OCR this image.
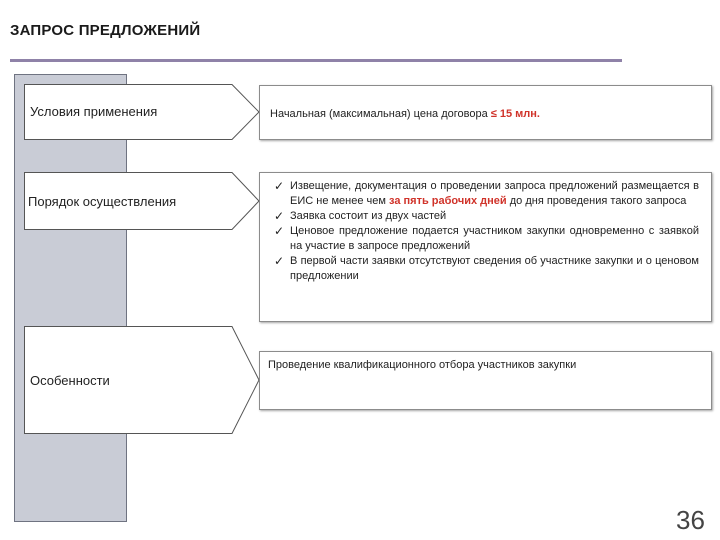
ЗАПРОС ПРЕДЛОЖЕНИЙ
Условия применения	Начальная (максимальная) цена договора ≤ 15 млн.
Порядок осуществления
✓ Извещение, документация о проведении запроса предложений размещается в ЕИС не менее чем за пять рабочих дней до дня проведения такого запроса
✓ Заявка состоит из двух частей
✓ Ценовое предложение подается участником закупки одновременно с заявкой на участие в запросе предложений
✓ В первой части заявки отсутствуют сведения об участнике закупки и о ценовом предложении
Особенности
Проведение квалификационного отбора участников закупки
36
